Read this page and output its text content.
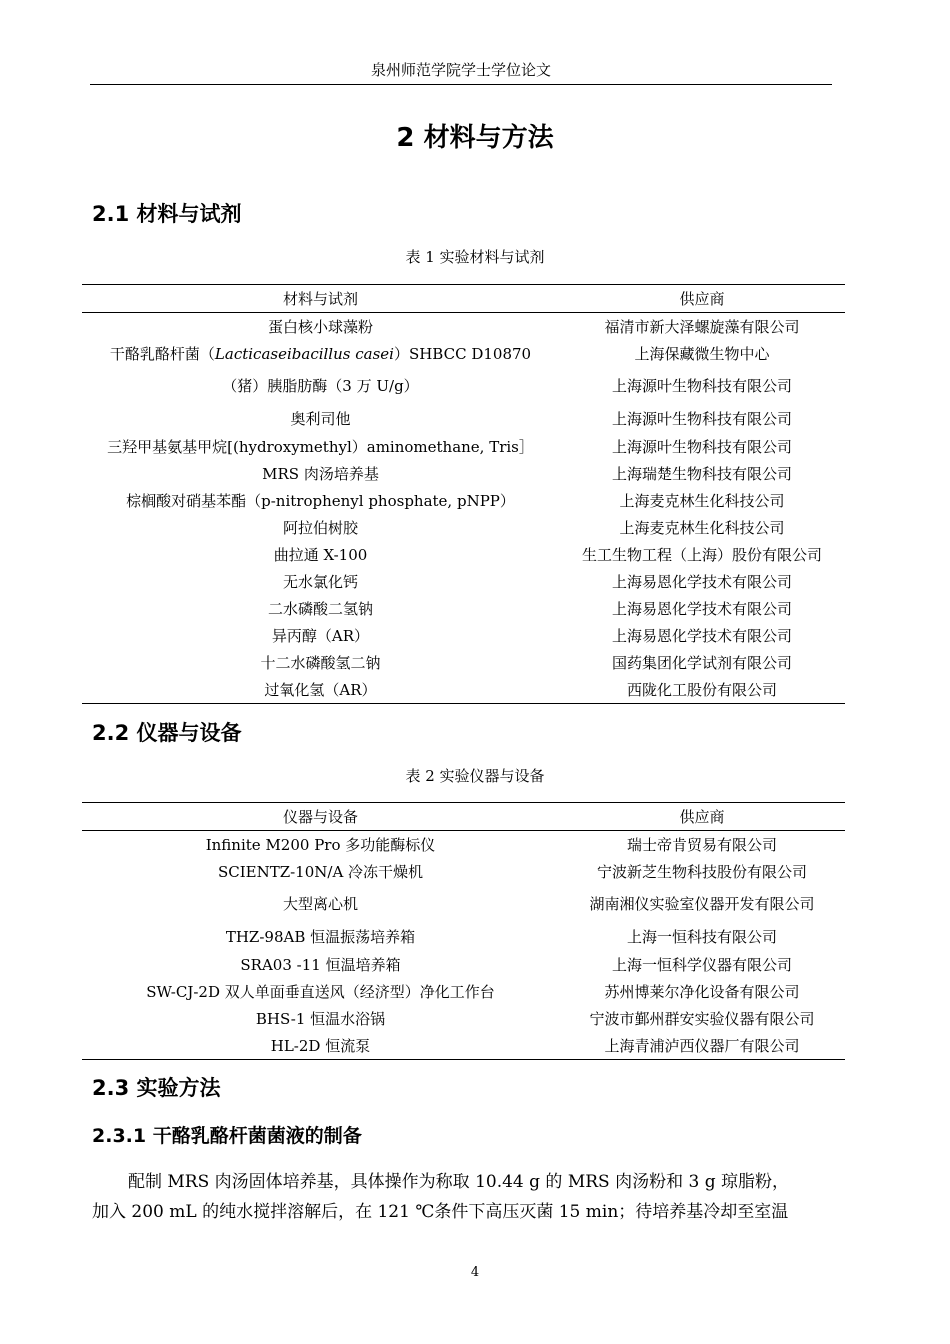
泉州师范学院学士学位论文
2 材料与方法
2.1 材料与试剂
表 1 实验材料与试剂
材料与试剂	供应商
蛋白核小球藻粉	福清市新大泽螺旋藻有限公司
干酪乳酪杆菌（Lacticaseibacillus casei）SHBCC D10870	上海保藏微生物中心
（猪）胰脂肪酶（3 万 U/g）	上海源叶生物科技有限公司
奥利司他	上海源叶生物科技有限公司
三羟甲基氨基甲烷[(hydroxymethyl）aminomethane, Tris］	上海源叶生物科技有限公司
MRS 肉汤培养基	上海瑞楚生物科技有限公司
棕榈酸对硝基苯酯（p-nitrophenyl phosphate, pNPP）	上海麦克林生化科技公司
阿拉伯树胶	上海麦克林生化科技公司
曲拉通 X-100	生工生物工程（上海）股份有限公司
无水氯化钙	上海易恩化学技术有限公司
二水磷酸二氢钠	上海易恩化学技术有限公司
异丙醇（AR）	上海易恩化学技术有限公司
十二水磷酸氢二钠	国药集团化学试剂有限公司
过氧化氢（AR）	西陇化工股份有限公司
2.2 仪器与设备
表 2 实验仪器与设备
仪器与设备	供应商
Infinite M200 Pro 多功能酶标仪	瑞士帝肯贸易有限公司
SCIENTZ-10N/A 冷冻干燥机	宁波新芝生物科技股份有限公司
大型离心机	湖南湘仪实验室仪器开发有限公司
THZ-98AB 恒温振荡培养箱	上海一恒科技有限公司
SRA03 -11 恒温培养箱	上海一恒科学仪器有限公司
SW-CJ-2D 双人单面垂直送风（经济型）净化工作台	苏州博莱尔净化设备有限公司
BHS-1 恒温水浴锅	宁波市鄞州群安实验仪器有限公司
HL-2D 恒流泵	上海青浦泸西仪器厂有限公司
2.3 实验方法
2.3.1 干酪乳酪杆菌菌液的制备

配制 MRS 肉汤固体培养基，具体操作为称取 10.44 g 的 MRS 肉汤粉和 3 g 琼脂粉，

加入 200 mL 的纯水搅拌溶解后，在 121 ℃条件下高压灭菌 15 min；待培养基冷却至室温

4
